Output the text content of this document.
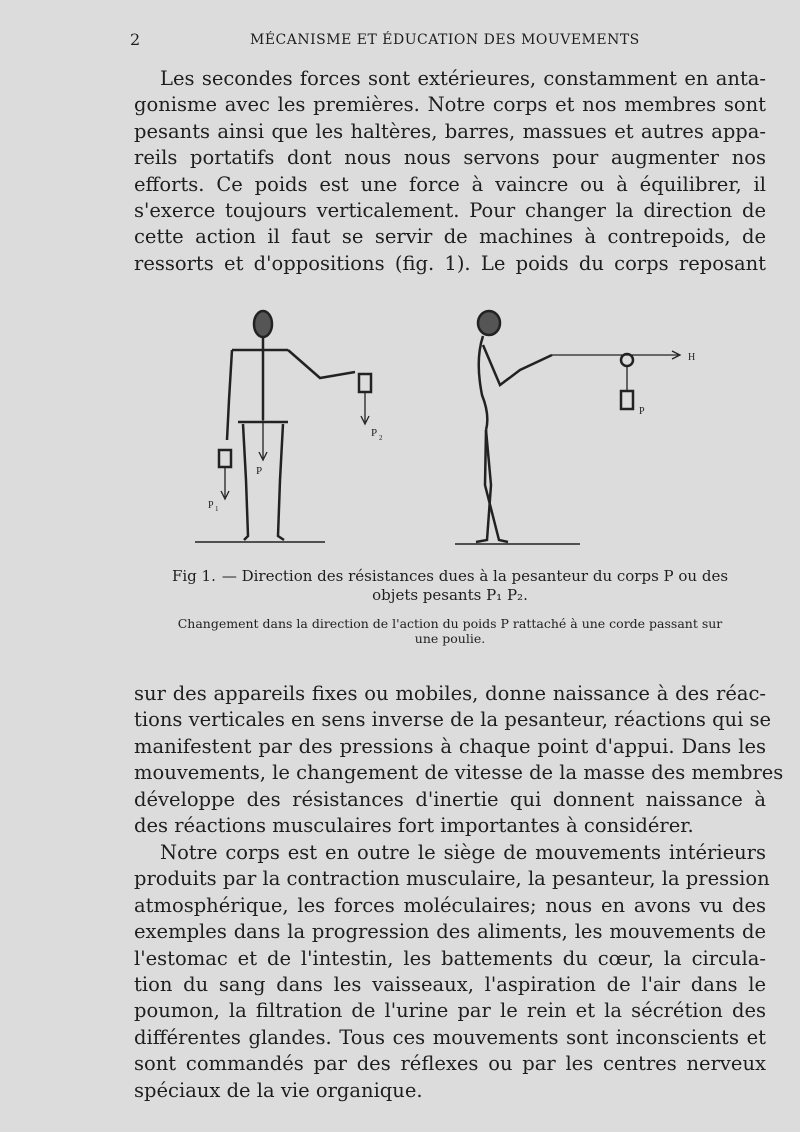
2	MÉCANISME ET ÉDUCATION DES MOUVEMENTS
Les secondes forces sont extérieures, constamment en anta-
gonisme avec les premières. Notre corps et nos membres sont
pesants ainsi que les haltères, barres, massues et autres appa-
reils portatifs dont nous nous servons pour augmenter nos
efforts. Ce poids est une force à vaincre ou à équilibrer, il
s'exerce toujours verticalement. Pour changer la direction de
cette action il faut se servir de machines à contrepoids, de
ressorts et d'oppositions (fig. 1). Le poids du corps reposant
P
P 1
P 2
H
P
Fig 1. — Direction des résistances dues à la pesanteur du corps P ou des
objets pesants P₁ P₂.
Changement dans la direction de l'action du poids P rattaché à une corde passant sur
une poulie.
sur des appareils fixes ou mobiles, donne naissance à des réac-
tions verticales en sens inverse de la pesanteur, réactions qui se
manifestent par des pressions à chaque point d'appui. Dans les
mouvements, le changement de vitesse de la masse des membres
développe des résistances d'inertie qui donnent naissance à
des réactions musculaires fort importantes à considérer.
Notre corps est en outre le siège de mouvements intérieurs
produits par la contraction musculaire, la pesanteur, la pression
atmosphérique, les forces moléculaires; nous en avons vu des
exemples dans la progression des aliments, les mouvements de
l'estomac et de l'intestin, les battements du cœur, la circula-
tion du sang dans les vaisseaux, l'aspiration de l'air dans le
poumon, la filtration de l'urine par le rein et la sécrétion des
différentes glandes. Tous ces mouvements sont inconscients et
sont commandés par des réflexes ou par les centres nerveux
spéciaux de la vie organique.
